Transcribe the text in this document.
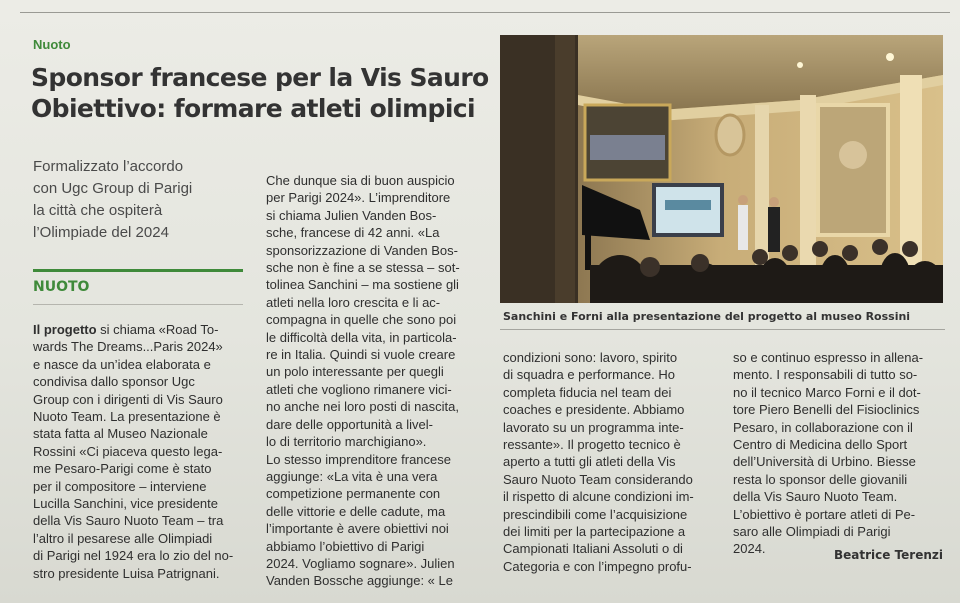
Nuoto
Sponsor francese per la Vis Sauro
Obiettivo: formare atleti olimpici
Formalizzato l’accordo
con Ugc Group di Parigi
la città che ospiterà
l’Olimpiade del 2024
NUOTO
Il progetto si chiama «Road To-
wards The Dreams...Paris 2024»
e nasce da un’idea elaborata e
condivisa dallo sponsor Ugc
Group con i dirigenti di Vis Sauro
Nuoto Team. La presentazione è
stata fatta al Museo Nazionale
Rossini «Ci piaceva questo lega-
me Pesaro-Parigi come è stato
per il compositore – interviene
Lucilla Sanchini, vice presidente
della Vis Sauro Nuoto Team – tra
l’altro il pesarese alle Olimpiadi
di Parigi nel 1924 era lo zio del no-
stro presidente Luisa Patrignani.
Che dunque sia di buon auspicio
per Parigi 2024». L’imprenditore
si chiama Julien Vanden Bos-
sche, francese di 42 anni. «La
sponsorizzazione di Vanden Bos-
sche non è fine a se stessa – sot-
tolinea Sanchini – ma sostiene gli
atleti nella loro crescita e li ac-
compagna in quelle che sono poi
le difficoltà della vita, in particola-
re in Italia. Quindi si vuole creare
un polo interessante per quegli
atleti che vogliono rimanere vici-
no anche nei loro posti di nascita,
dare delle opportunità a livel-
lo di territorio marchigiano».
Lo stesso imprenditore francese
aggiunge: «La vita è una vera
competizione permanente con
delle vittorie e delle cadute, ma
l’importante è avere obiettivi noi
abbiamo l’obiettivo di Parigi
2024. Vogliamo sognare». Julien
Vanden Bossche aggiunge: « Le
Sanchini e Forni alla presentazione del progetto al museo Rossini
condizioni sono: lavoro, spirito
di squadra e performance. Ho
completa fiducia nel team dei
coaches e presidente. Abbiamo
lavorato su un programma inte-
ressante». Il progetto tecnico è
aperto a tutti gli atleti della Vis
Sauro Nuoto Team considerando
il rispetto di alcune condizioni im-
prescindibili come l’acquisizione
dei limiti per la partecipazione a
Campionati Italiani Assoluti o di
Categoria e con l’impegno profu-
so e continuo espresso in allena-
mento. I responsabili di tutto so-
no il tecnico Marco Forni e il dot-
tore Piero Benelli del Fisioclinics
Pesaro, in collaborazione con il
Centro di Medicina dello Sport
dell’Università di Urbino. Biesse
resta lo sponsor delle giovanili
della Vis Sauro Nuoto Team.
L’obiettivo è portare atleti di Pe-
saro alle Olimpiadi di Parigi
2024.	Beatrice Terenzi
